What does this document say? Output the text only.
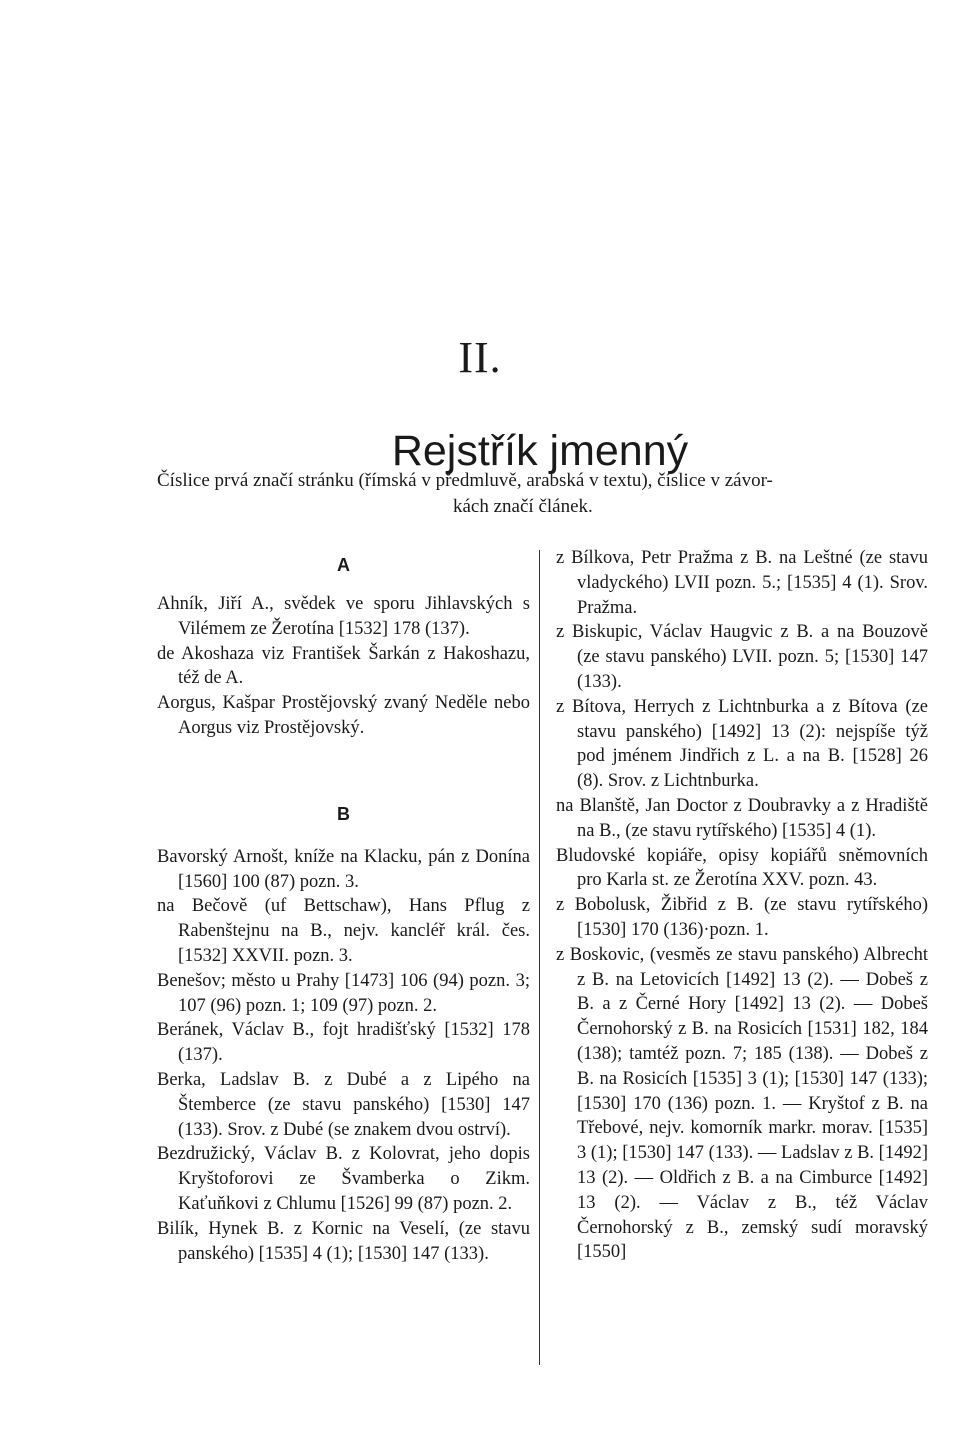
II.
Rejstřík jmenný
Číslice prvá značí stránku (římská v předmluvě, arabská v textu), číslice v závor-
kách značí článek.
A

Ahník, Jiří A., svědek ve sporu Jihlavských s Vilémem ze Žerotína [1532] 178 (137).

de Akoshaza viz František Šarkán z Hakoshazu, též de A.

Aorgus, Kašpar Prostějovský zvaný Neděle nebo Aorgus viz Prostějovský.

B

Bavorský Arnošt, kníže na Klacku, pán z Donína [1560] 100 (87) pozn. 3.

na Bečově (uf Bettschaw), Hans Pflug z Rabenštejnu na B., nejv. kancléř král. čes. [1532] XXVII. pozn. 3.

Benešov; město u Prahy [1473] 106 (94) pozn. 3; 107 (96) pozn. 1; 109 (97) pozn. 2.

Beránek, Václav B., fojt hradišťský [1532] 178 (137).

Berka, Ladslav B. z Dubé a z Lipého na Štemberce (ze stavu panského) [1530] 147 (133). Srov. z Dubé (se znakem dvou ostrví).

Bezdružický, Václav B. z Kolovrat, jeho dopis Kryštoforovi ze Švamberka o Zikm. Kaťuňkovi z Chlumu [1526] 99 (87) pozn. 2.

Bilík, Hynek B. z Kornic na Veselí, (ze stavu panského) [1535] 4 (1); [1530] 147 (133).

z Bílkova, Petr Pražma z B. na Leštné (ze stavu vladyckého) LVII pozn. 5.; [1535] 4 (1). Srov. Pražma.

z Biskupic, Václav Haugvic z B. a na Bouzově (ze stavu panského) LVII. pozn. 5; [1530] 147 (133).

z Bítova, Herrych z Lichtnburka a z Bítova (ze stavu panského) [1492] 13 (2): nejspíše týž pod jménem Jindřich z L. a na B. [1528] 26 (8). Srov. z Lichtnburka.

na Blanště, Jan Doctor z Doubravky a z Hradiště na B., (ze stavu rytířského) [1535] 4 (1).

Bludovské kopiáře, opisy kopiářů sněmovních pro Karla st. ze Žerotína XXV. pozn. 43.

z Bobolusk, Žibřid z B. (ze stavu rytířského) [1530] 170 (136)·pozn. 1.

z Boskovic, (vesměs ze stavu panského) Albrecht z B. na Letovicích [1492] 13 (2). — Dobeš z B. a z Černé Hory [1492] 13 (2). — Dobeš Černohorský z B. na Rosicích [1531] 182, 184 (138); tamtéž pozn. 7; 185 (138). — Dobeš z B. na Rosicích [1535] 3 (1); [1530] 147 (133); [1530] 170 (136) pozn. 1. — Kryštof z B. na Třebové, nejv. komorník markr. morav. [1535] 3 (1); [1530] 147 (133). — Ladslav z B. [1492] 13 (2). — Oldřich z B. a na Cimburce [1492] 13 (2). — Václav z B., též Václav Černohorský z B., zemský sudí moravský [1550]
